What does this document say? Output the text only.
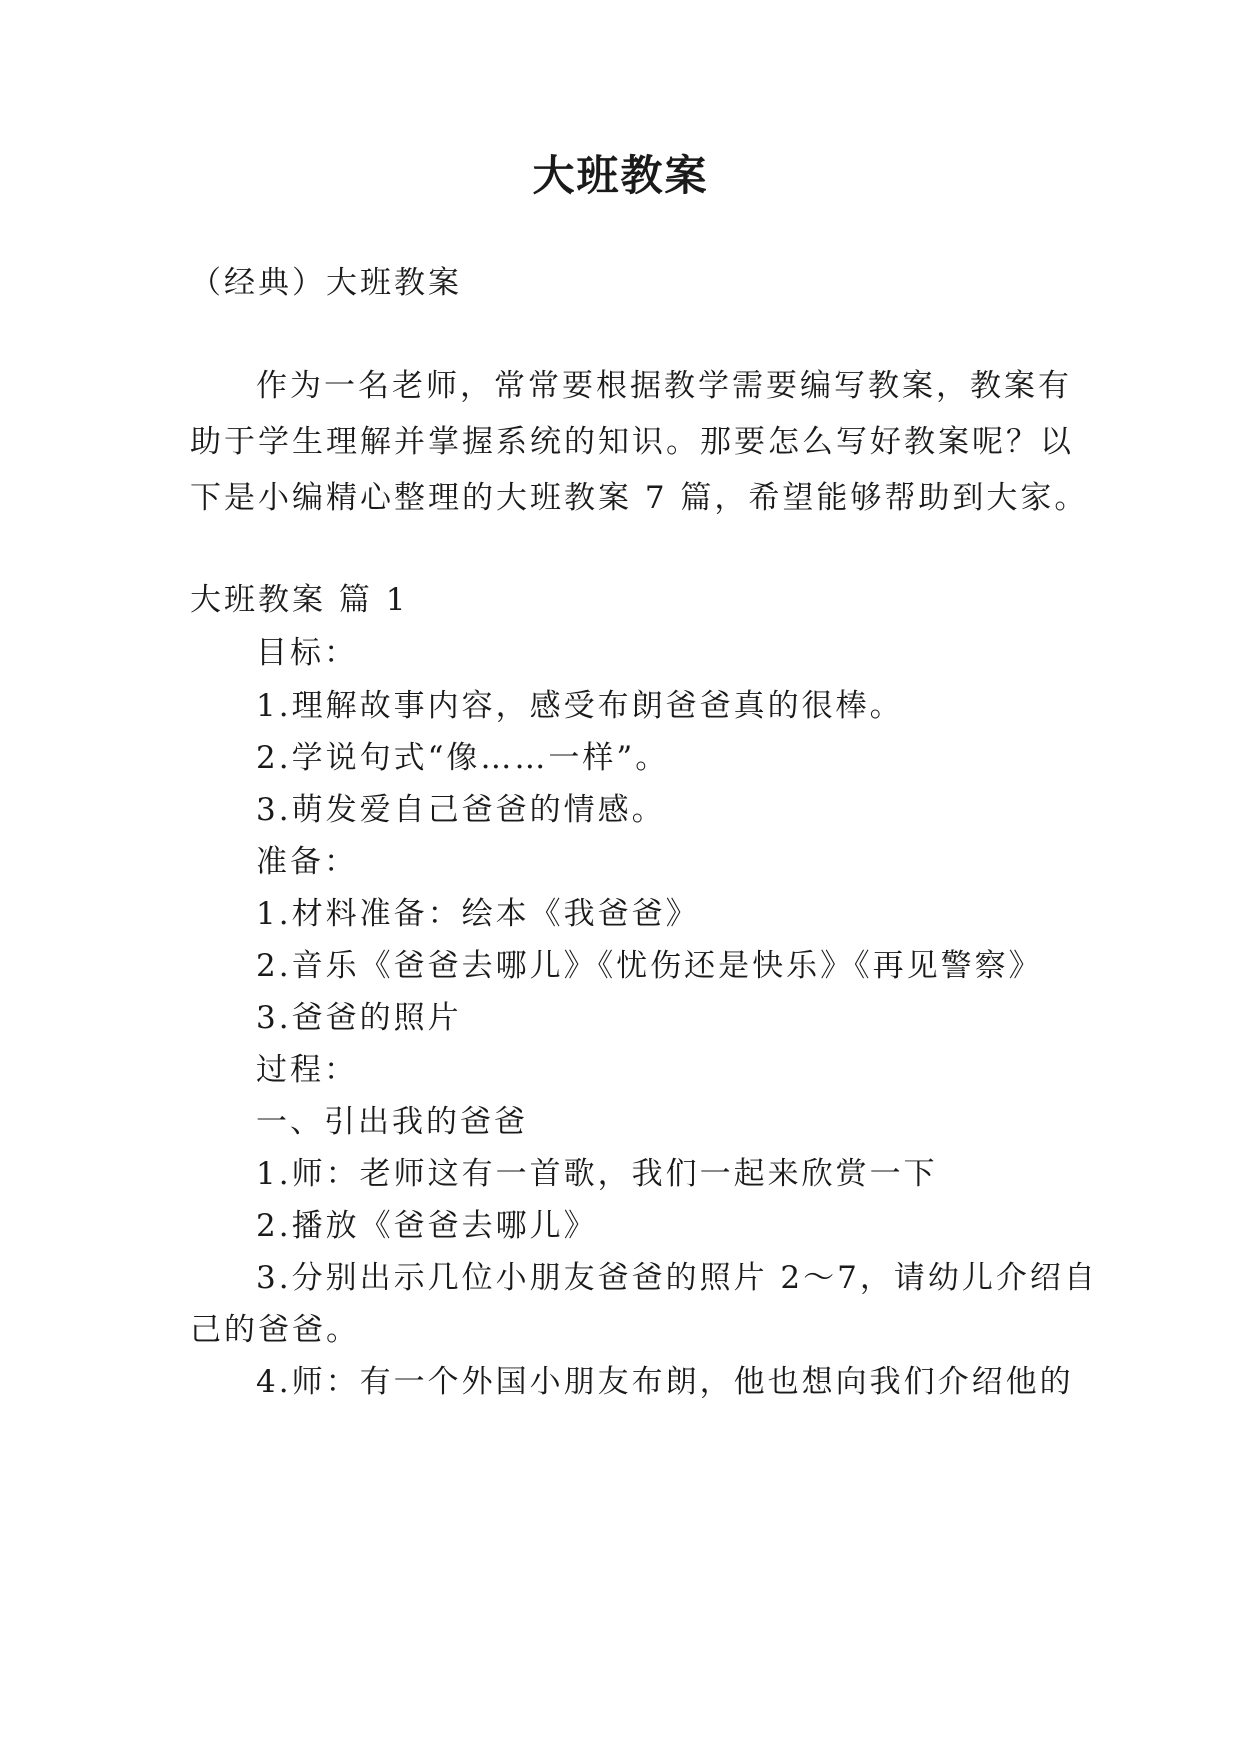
大班教案
（经典）大班教案
作为一名老师，常常要根据教学需要编写教案，教案有
助于学生理解并掌握系统的知识。那要怎么写好教案呢？以
下是小编精心整理的大班教案 7 篇，希望能够帮助到大家。
大班教案 篇 1
目标：
1.理解故事内容，感受布朗爸爸真的很棒。
2.学说句式“像……一样”。
3.萌发爱自己爸爸的情感。
准备：
1.材料准备：绘本《我爸爸》
2.音乐《爸爸去哪儿》《忧伤还是快乐》《再见警察》
3.爸爸的照片
过程：
一、引出我的爸爸
1.师：老师这有一首歌，我们一起来欣赏一下
2.播放《爸爸去哪儿》
3.分别出示几位小朋友爸爸的照片 2～7，请幼儿介绍自
己的爸爸。
4.师：有一个外国小朋友布朗，他也想向我们介绍他的
